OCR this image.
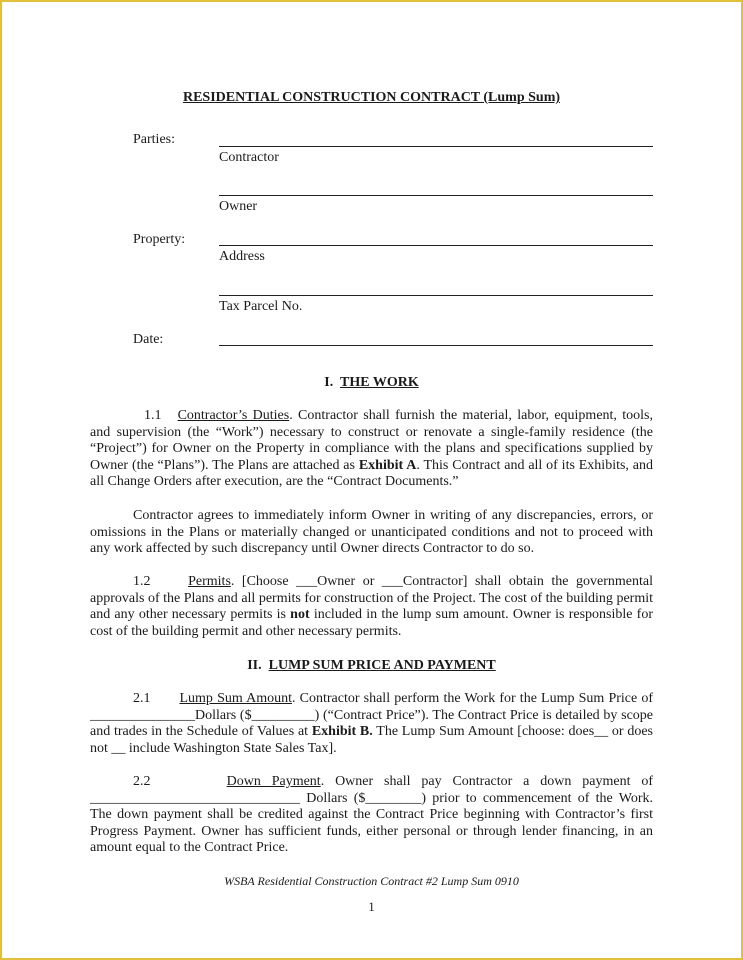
RESIDENTIAL CONSTRUCTION CONTRACT (Lump Sum)
Parties:
Contractor
Owner
Property:
Address
Tax Parcel No.
Date:
I. THE WORK

1.1 Contractor’s Duties. Contractor shall furnish the material, labor, equipment, tools, and supervision (the “Work”) necessary to construct or renovate a single-family residence (the “Project”) for Owner on the Property in compliance with the plans and specifications supplied by Owner (the “Plans”). The Plans are attached as Exhibit A. This Contract and all of its Exhibits, and all Change Orders after execution, are the “Contract Documents.”

Contractor agrees to immediately inform Owner in writing of any discrepancies, errors, or omissions in the Plans or materially changed or unanticipated conditions and not to proceed with any work affected by such discrepancy until Owner directs Contractor to do so.

1.2	Permits. [Choose ___Owner or ___Contractor] shall obtain the governmental approvals of the Plans and all permits for construction of the Project. The cost of the building permit and any other necessary permits is not included in the lump sum amount. Owner is responsible for cost of the building permit and other necessary permits.

II. LUMP SUM PRICE AND PAYMENT

2.1 Lump Sum Amount. Contractor shall perform the Work for the Lump Sum Price of _______________Dollars ($_________) (“Contract Price”). The Contract Price is detailed by scope and trades in the Schedule of Values at Exhibit B. The Lump Sum Amount [choose: does__ or does not __ include Washington State Sales Tax].

2.2	Down Payment. Owner shall pay Contractor a down payment of ______________________________ Dollars ($________) prior to commencement of the Work. The down payment shall be credited against the Contract Price beginning with Contractor’s first Progress Payment. Owner has sufficient funds, either personal or through lender financing, in an amount equal to the Contract Price.

WSBA Residential Construction Contract #2 Lump Sum 0910
1
